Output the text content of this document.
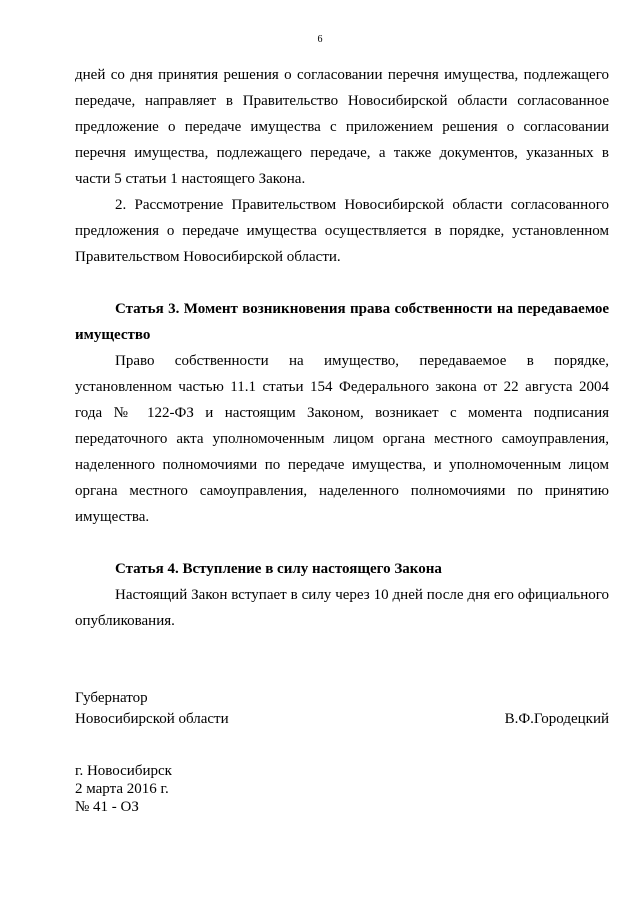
6

дней со дня принятия решения о согласовании перечня имущества, подлежащего передаче, направляет в Правительство Новосибирской области согласованное предложение о передаче имущества с приложением решения о согласовании перечня имущества, подлежащего передаче, а также документов, указанных в части 5 статьи 1 настоящего Закона.

2. Рассмотрение Правительством Новосибирской области согласованного предложения о передаче имущества осуществляется в порядке, установленном Правительством Новосибирской области.

Статья 3. Момент возникновения права собственности на передаваемое имущество

Право собственности на имущество, передаваемое в порядке, установленном частью 11.1 статьи 154 Федерального закона от 22 августа 2004 года № 122-ФЗ и настоящим Законом, возникает с момента подписания передаточного акта уполномоченным лицом органа местного самоуправления, наделенного полномочиями по передаче имущества, и уполномоченным лицом органа местного самоуправления, наделенного полномочиями по принятию имущества.

Статья 4. Вступление в силу настоящего Закона

Настоящий Закон вступает в силу через 10 дней после дня его официального опубликования.

Губернатор
Новосибирской области	В.Ф.Городецкий
г. Новосибирск
2 марта 2016 г.
№ 41 - ОЗ
